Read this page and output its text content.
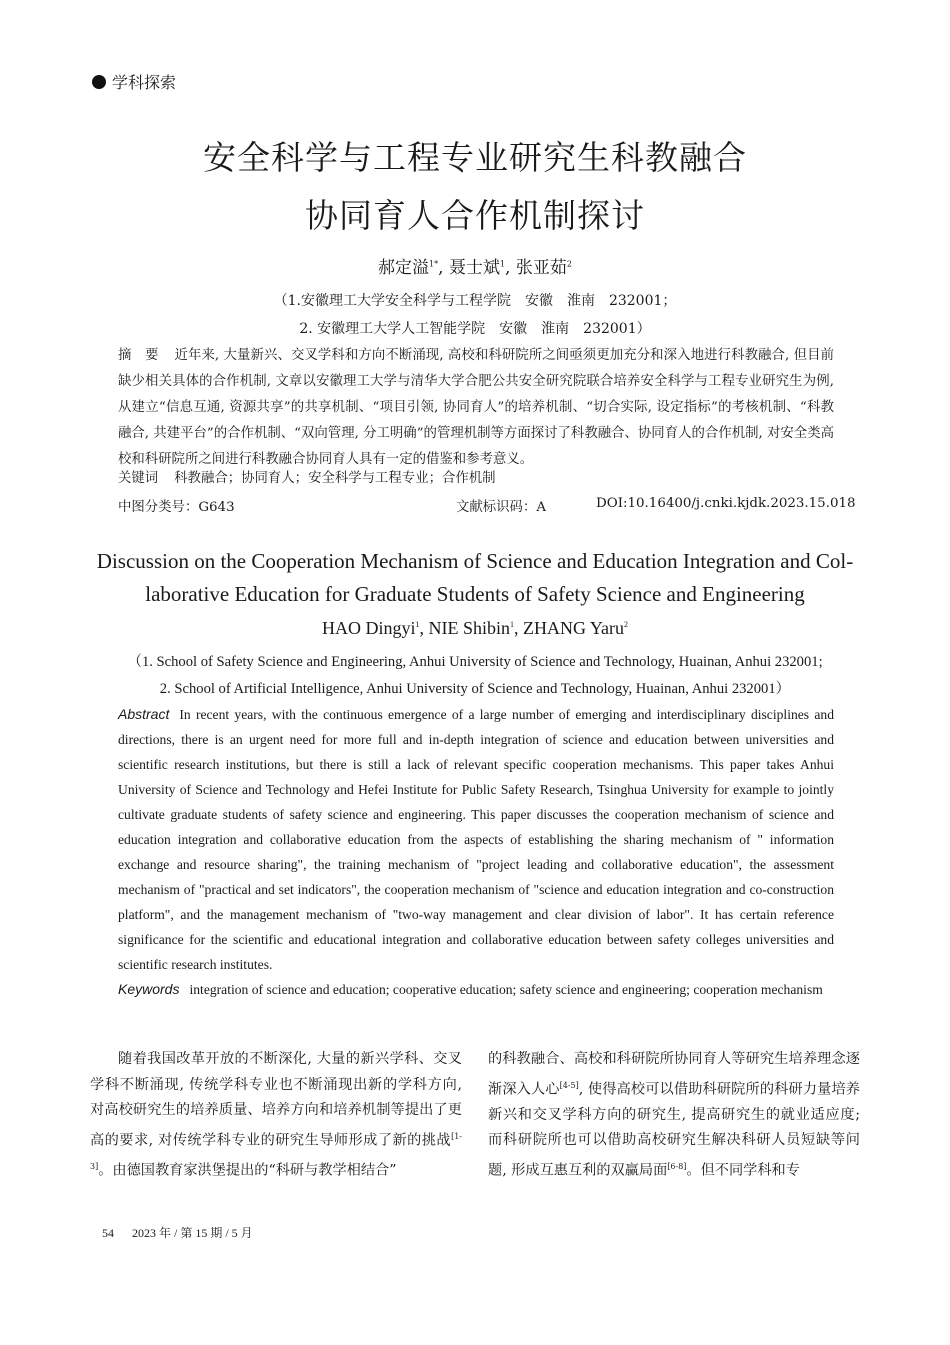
学科探索
安全科学与工程专业研究生科教融合
协同育人合作机制探讨
郝定溢$^{1*}$, 聂士斌$^1$, 张亚茹$^2$
（1.安徽理工大学安全科学与工程学院　安徽　淮南　232001；
2. 安徽理工大学人工智能学院　安徽　淮南　232001）
摘　要 近年来, 大量新兴、交叉学科和方向不断涌现, 高校和科研院所之间亟须更加充分和深入地进行科教融合, 但目前缺少相关具体的合作机制, 文章以安徽理工大学与清华大学合肥公共安全研究院联合培养安全科学与工程专业研究生为例, 从建立“信息互通, 资源共享”的共享机制、“项目引领, 协同育人”的培养机制、“切合实际, 设定指标”的考核机制、“科教融合, 共建平台”的合作机制、“双向管理, 分工明确”的管理机制等方面探讨了科教融合、协同育人的合作机制, 对安全类高校和科研院所之间进行科教融合协同育人具有一定的借鉴和参考意义。
关键词 科教融合；协同育人；安全科学与工程专业；合作机制
中图分类号：G643	文献标识码：A	DOI:10.16400/j.cnki.kjdk.2023.15.018
Discussion on the Cooperation Mechanism of Science and Education Integration and Col-
laborative Education for Graduate Students of Safety Science and Engineering
HAO Dingyi$^1$, NIE Shibin$^1$, ZHANG Yaru$^2$
（1. School of Safety Science and Engineering, Anhui University of Science and Technology, Huainan, Anhui 232001;
2. School of Artificial Intelligence, Anhui University of Science and Technology, Huainan, Anhui 232001）
Abstract In recent years, with the continuous emergence of a large number of emerging and interdisciplinary disciplines and directions, there is an urgent need for more full and in-depth integration of science and education between universities and scientific research institutions, but there is still a lack of relevant specific cooperation mechanisms. This paper takes Anhui University of Science and Technology and Hefei Institute for Public Safety Research, Tsinghua University for example to jointly cultivate graduate students of safety science and engineering. This paper discusses the cooperation mechanism of science and education integration and collaborative education from the aspects of establishing the sharing mechanism of " information exchange and resource sharing", the training mechanism of "project leading and collaborative education", the assessment mechanism of "practical and set indicators", the cooperation mechanism of "science and education integration and co-construction platform", and the management mechanism of "two-way management and clear division of labor". It has certain reference significance for the scientific and educational integration and collaborative education between safety colleges universities and scientific research institutes.
Keywords integration of science and education; cooperative education; safety science and engineering; cooperation mechanism
随着我国改革开放的不断深化, 大量的新兴学科、交叉学科不断涌现, 传统学科专业也不断涌现出新的学科方向, 对高校研究生的培养质量、培养方向和培养机制等提出了更高的要求, 对传统学科专业的研究生导师形成了新的挑战[1-3]。由德国教育家洪堡提出的“科研与教学相结合”
的科教融合、高校和科研院所协同育人等研究生培养理念逐渐深入人心[4-5], 使得高校可以借助科研院所的科研力量培养新兴和交叉学科方向的研究生, 提高研究生的就业适应度; 而科研院所也可以借助高校研究生解决科研人员短缺等问题, 形成互惠互利的双赢局面[6-8]。但不同学科和专
54 2023 年 / 第 15 期 / 5 月
